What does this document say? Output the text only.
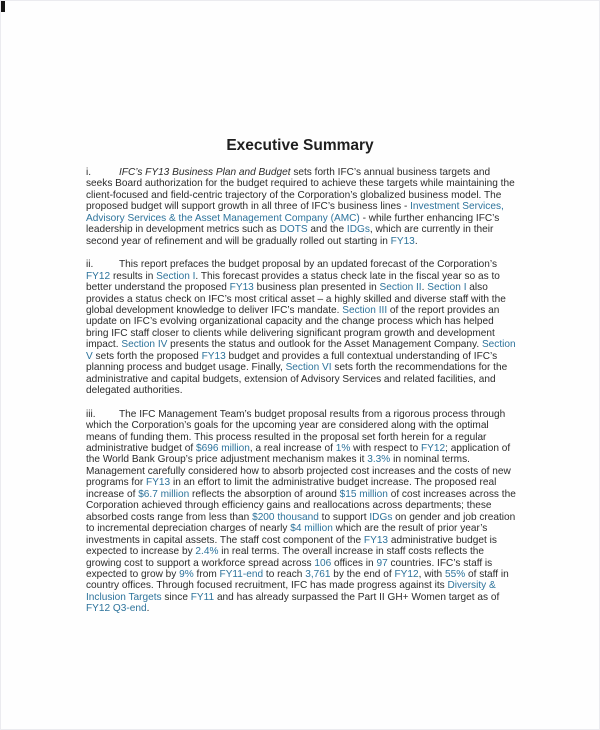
Executive Summary

i.	IFC’s FY13 Business Plan and Budget sets forth IFC’s annual business targets and seeks Board authorization for the budget required to achieve these targets while maintaining the client-focused and field-centric trajectory of the Corporation’s globalized business model. The proposed budget will support growth in all three of IFC’s business lines - Investment Services, Advisory Services & the Asset Management Company (AMC) - while further enhancing IFC’s leadership in development metrics such as DOTS and the IDGs, which are currently in their second year of refinement and will be gradually rolled out starting in FY13.

ii.	This report prefaces the budget proposal by an updated forecast of the Corporation’s FY12 results in Section I. This forecast provides a status check late in the fiscal year so as to better understand the proposed FY13 business plan presented in Section II. Section I also provides a status check on IFC’s most critical asset – a highly skilled and diverse staff with the global development knowledge to deliver IFC’s mandate. Section III of the report provides an update on IFC’s evolving organizational capacity and the change process which has helped bring IFC staff closer to clients while delivering significant program growth and development impact. Section IV presents the status and outlook for the Asset Management Company. Section V sets forth the proposed FY13 budget and provides a full contextual understanding of IFC’s planning process and budget usage. Finally, Section VI sets forth the recommendations for the administrative and capital budgets, extension of Advisory Services and related facilities, and delegated authorities.

iii. The IFC Management Team’s budget proposal results from a rigorous process through which the Corporation’s goals for the upcoming year are considered along with the optimal means of funding them. This process resulted in the proposal set forth herein for a regular administrative budget of $696 million, a real increase of 1% with respect to FY12; application of the World Bank Group’s price adjustment mechanism makes it 3.3% in nominal terms. Management carefully considered how to absorb projected cost increases and the costs of new programs for FY13 in an effort to limit the administrative budget increase. The proposed real increase of $6.7 million reflects the absorption of around $15 million of cost increases across the Corporation achieved through efficiency gains and reallocations across departments; these absorbed costs range from less than $200 thousand to support IDGs on gender and job creation to incremental depreciation charges of nearly $4 million which are the result of prior year’s investments in capital assets. The staff cost component of the FY13 administrative budget is expected to increase by 2.4% in real terms. The overall increase in staff costs reflects the growing cost to support a workforce spread across 106 offices in 97 countries. IFC’s staff is expected to grow by 9% from FY11-end to reach 3,761 by the end of FY12, with 55% of staff in country offices. Through focused recruitment, IFC has made progress against its Diversity & Inclusion Targets since FY11 and has already surpassed the Part II GH+ Women target as of FY12 Q3-end.
